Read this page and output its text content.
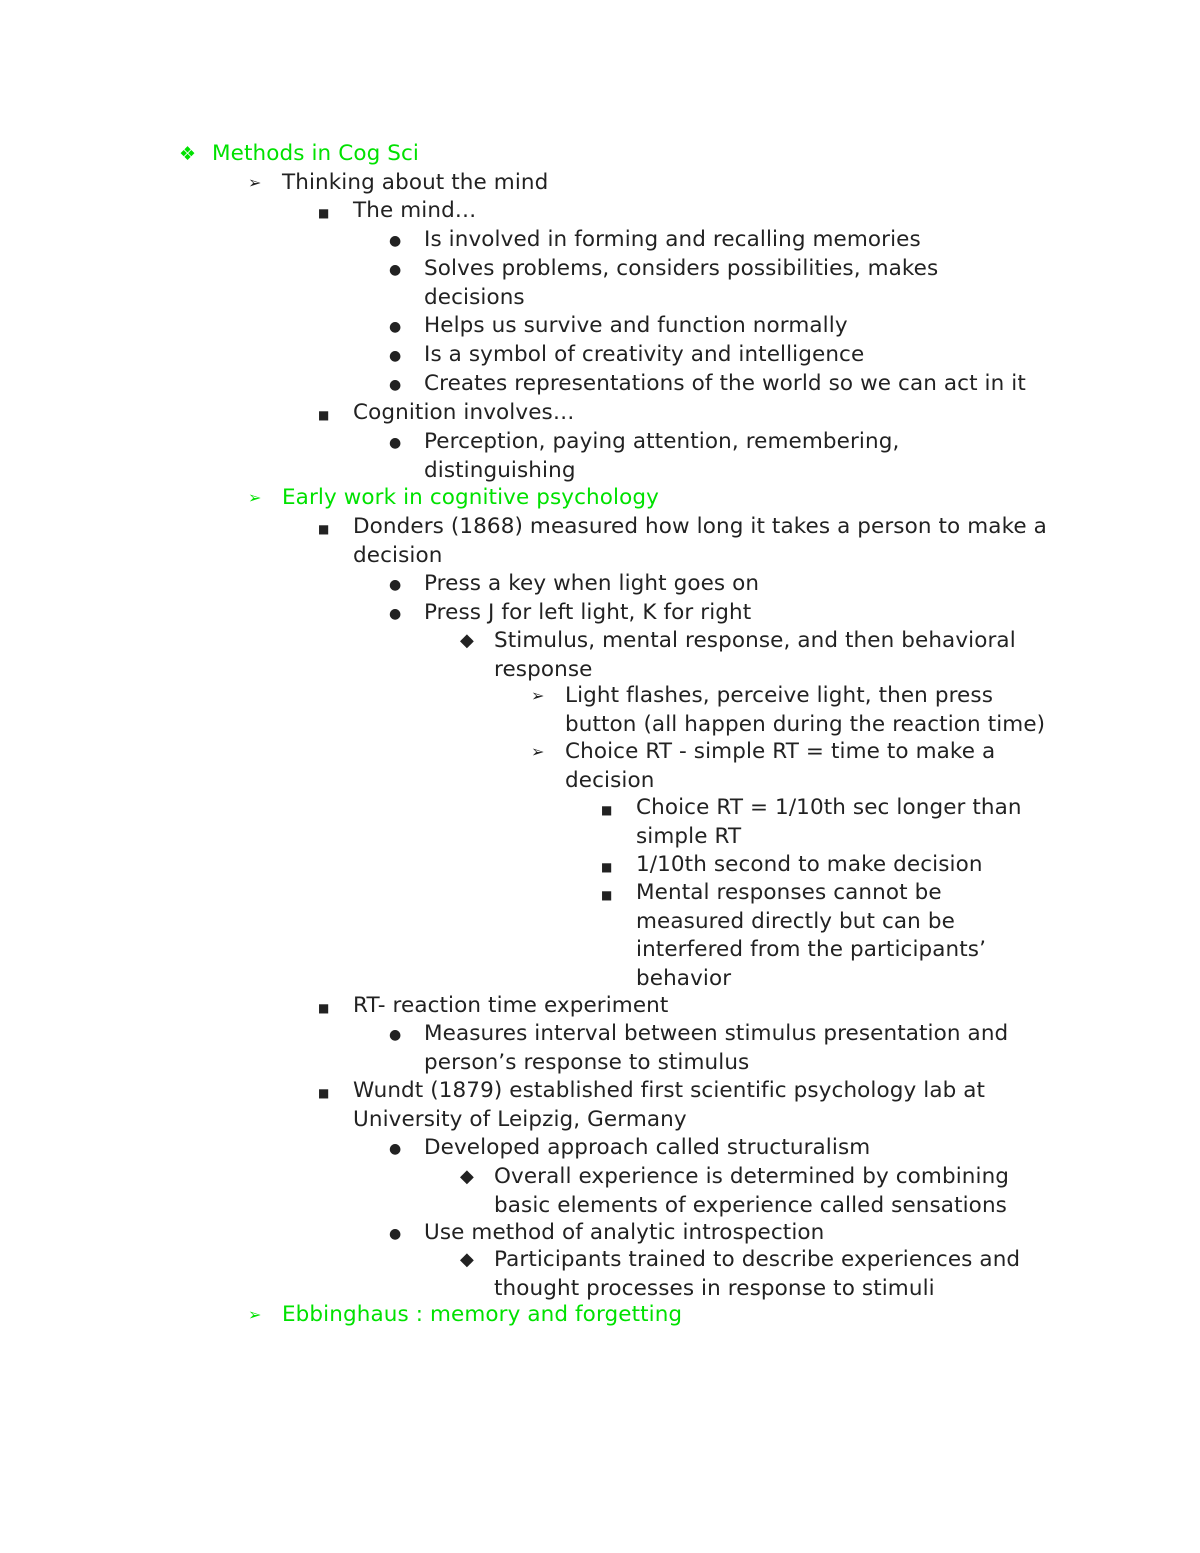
❖ Methods in Cog Sci
➢ Thinking about the mind
■ The mind…
● Is involved in forming and recalling memories
● Solves problems, considers possibilities, makes
decisions
● Helps us survive and function normally
● Is a symbol of creativity and intelligence
● Creates representations of the world so we can act in it
■ Cognition involves…
● Perception, paying attention, remembering,
distinguishing
➢ Early work in cognitive psychology
■ Donders (1868) measured how long it takes a person to make a
decision
● Press a key when light goes on
● Press J for left light, K for right
◆ Stimulus, mental response, and then behavioral
response
➢ Light flashes, perceive light, then press
button (all happen during the reaction time)
➢ Choice RT - simple RT = time to make a
decision
■ Choice RT = 1/10th sec longer than
simple RT
■ 1/10th second to make decision
■ Mental responses cannot be
measured directly but can be
interfered from the participants’
behavior
■ RT- reaction time experiment
● Measures interval between stimulus presentation and
person’s response to stimulus
■ Wundt (1879) established first scientific psychology lab at
University of Leipzig, Germany
● Developed approach called structuralism
◆ Overall experience is determined by combining
basic elements of experience called sensations
● Use method of analytic introspection
◆ Participants trained to describe experiences and
thought processes in response to stimuli
➢ Ebbinghaus : memory and forgetting
